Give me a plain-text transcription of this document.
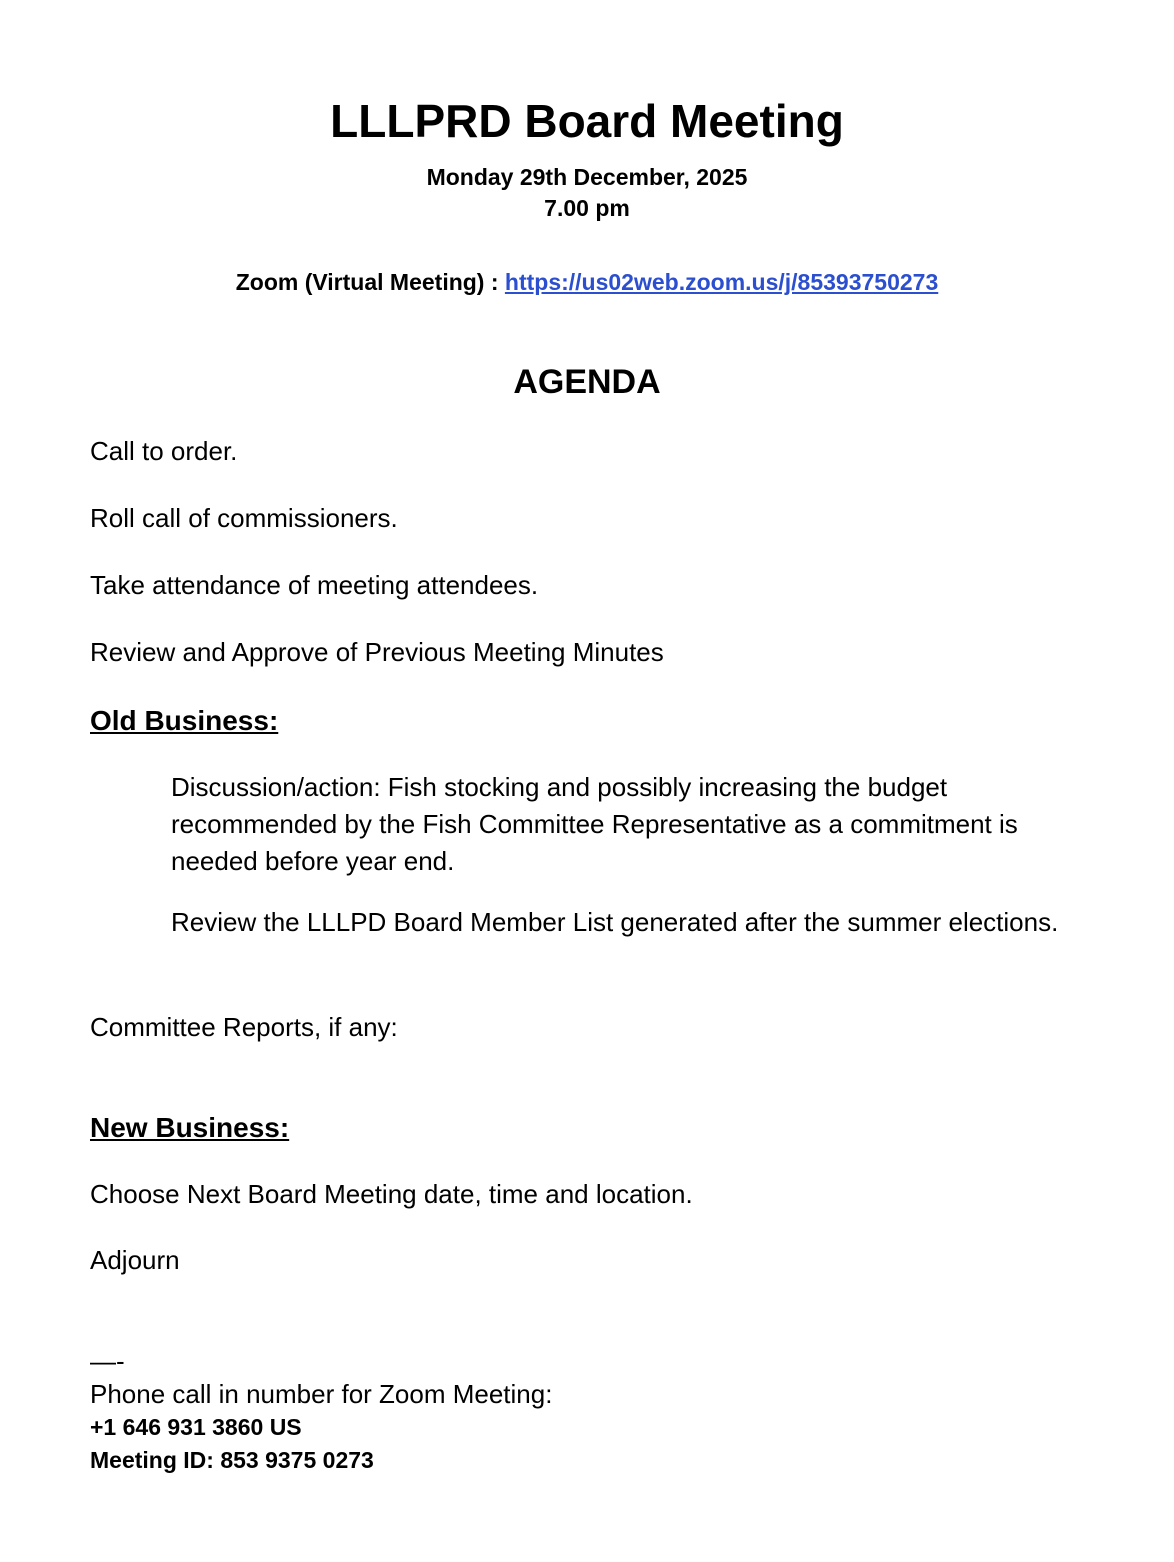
LLLPRD Board Meeting
Monday 29th December, 2025
7.00 pm
Zoom (Virtual Meeting) : https://us02web.zoom.us/j/85393750273
AGENDA
Call to order.
Roll call of commissioners.
Take attendance of meeting attendees.
Review and Approve of Previous Meeting Minutes
Old Business:
Discussion/action: Fish stocking and possibly increasing the budget recommended by the Fish Committee Representative as a commitment is needed before year end.
Review the LLLPD Board Member List generated after the summer elections.
Committee Reports, if any:
New Business:
Choose Next Board Meeting date, time and location.
Adjourn
—-
Phone call in number for Zoom Meeting:
+1 646 931 3860 US
Meeting ID: 853 9375 0273
